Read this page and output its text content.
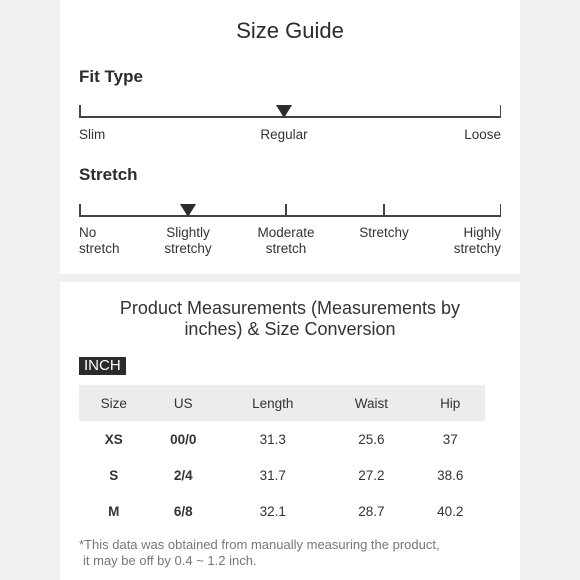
Size Guide
Fit Type
Slim	Regular	Loose
Stretch
No
stretch
Slightly
stretchy
Moderate
stretch
Stretchy	Highly
stretchy
Product Measurements (Measurements by
inches) & Size Conversion
INCH
Size	US	Length	Waist	Hip
XS	00/0	31.3	25.6	37
S	2/4	31.7	27.2	38.6
M	6/8	32.1	28.7	40.2
*This data was obtained from manually measuring the product,
it may be off by 0.4 ~ 1.2 inch.
